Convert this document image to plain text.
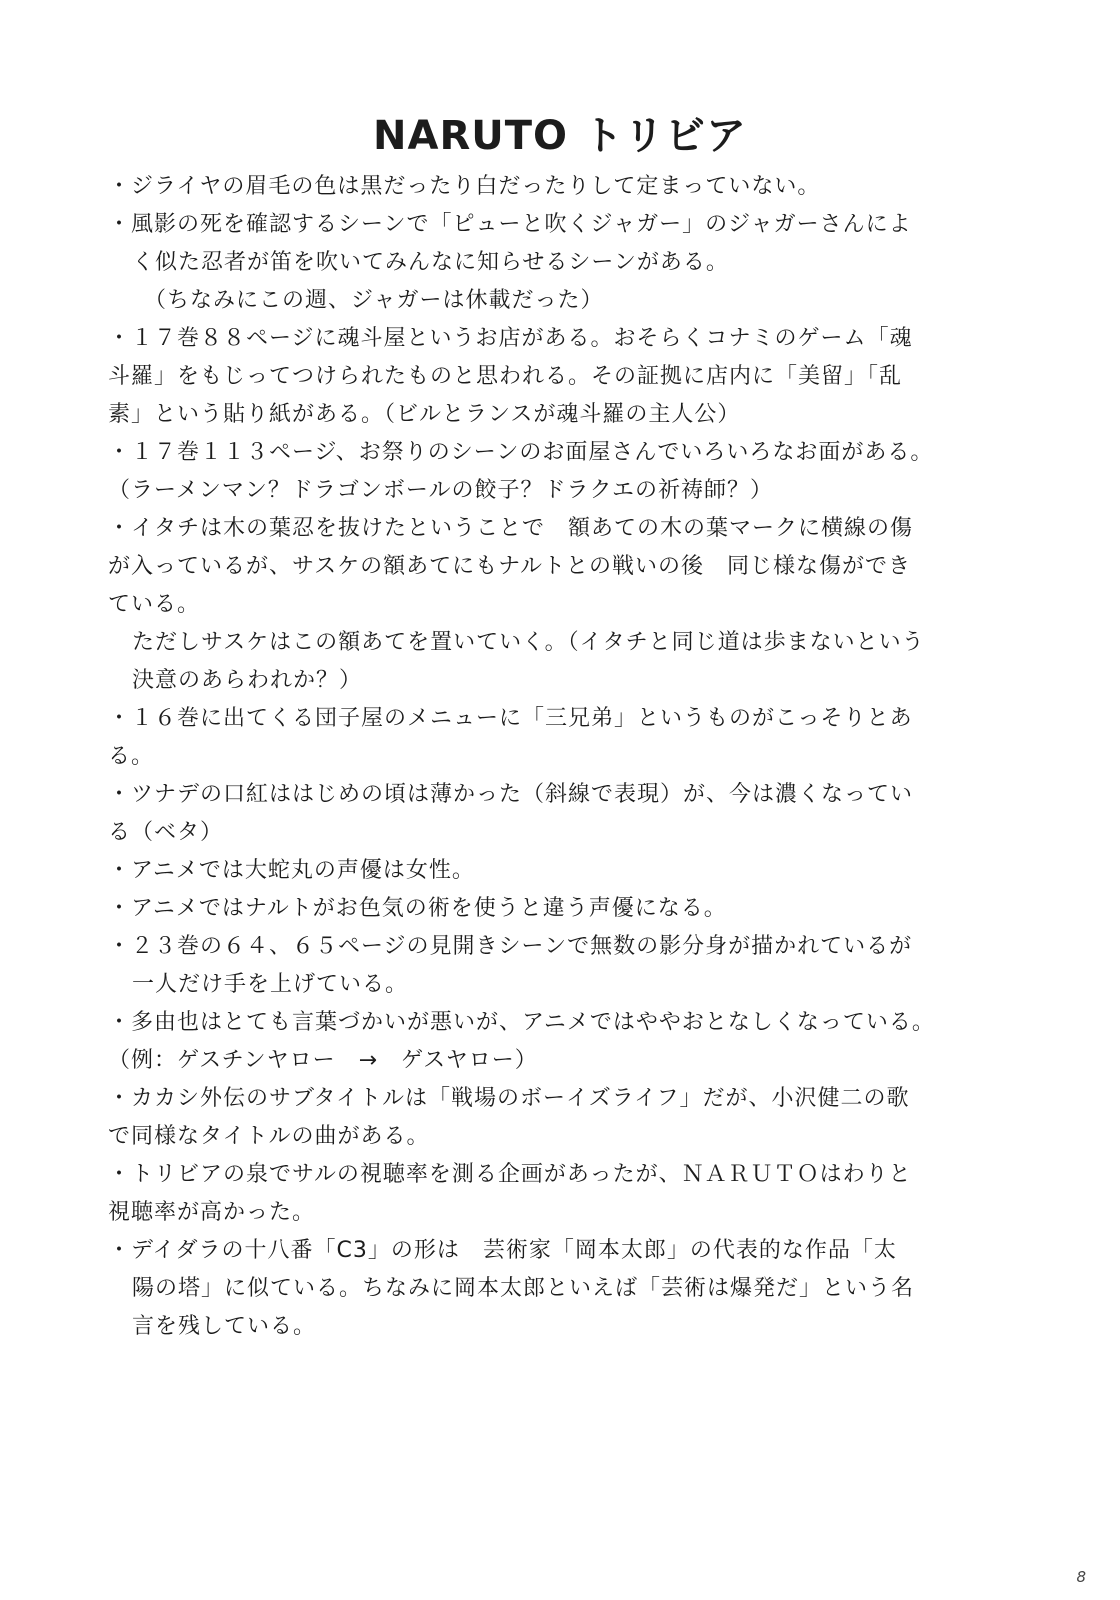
NARUTO トリビア
・ジライヤの眉毛の色は黒だったり白だったりして定まっていない。
・風影の死を確認するシーンで「ピューと吹くジャガー」のジャガーさんによ
く似た忍者が笛を吹いてみんなに知らせるシーンがある。
（ちなみにこの週、ジャガーは休載だった）
・１７巻８８ページに魂斗屋というお店がある。おそらくコナミのゲーム「魂
斗羅」をもじってつけられたものと思われる。その証拠に店内に「美留」「乱
素」という貼り紙がある。（ビルとランスが魂斗羅の主人公）
・１７巻１１３ページ、お祭りのシーンのお面屋さんでいろいろなお面がある。
（ラーメンマン？ドラゴンボールの餃子？ドラクエの祈祷師？）
・イタチは木の葉忍を抜けたということで　額あての木の葉マークに横線の傷
が入っているが、サスケの額あてにもナルトとの戦いの後　同じ様な傷ができ
ている。
ただしサスケはこの額あてを置いていく。（イタチと同じ道は歩まないという
決意のあらわれか？）
・１６巻に出てくる団子屋のメニューに「三兄弟」というものがこっそりとあ
る。
・ツナデの口紅ははじめの頃は薄かった（斜線で表現）が、今は濃くなってい
る（ベタ）
・アニメでは大蛇丸の声優は女性。
・アニメではナルトがお色気の術を使うと違う声優になる。
・２３巻の６４、６５ページの見開きシーンで無数の影分身が描かれているが
一人だけ手を上げている。
・多由也はとても言葉づかいが悪いが、アニメではややおとなしくなっている。
（例：ゲスチンヤロー　→　ゲスヤロー）
・カカシ外伝のサブタイトルは「戦場のボーイズライフ」だが、小沢健二の歌
で同様なタイトルの曲がある。
・トリビアの泉でサルの視聴率を測る企画があったが、ＮＡＲＵＴＯはわりと
視聴率が高かった。
・デイダラの十八番「C3」の形は　芸術家「岡本太郎」の代表的な作品「太
陽の塔」に似ている。ちなみに岡本太郎といえば「芸術は爆発だ」という名
言を残している。
8
